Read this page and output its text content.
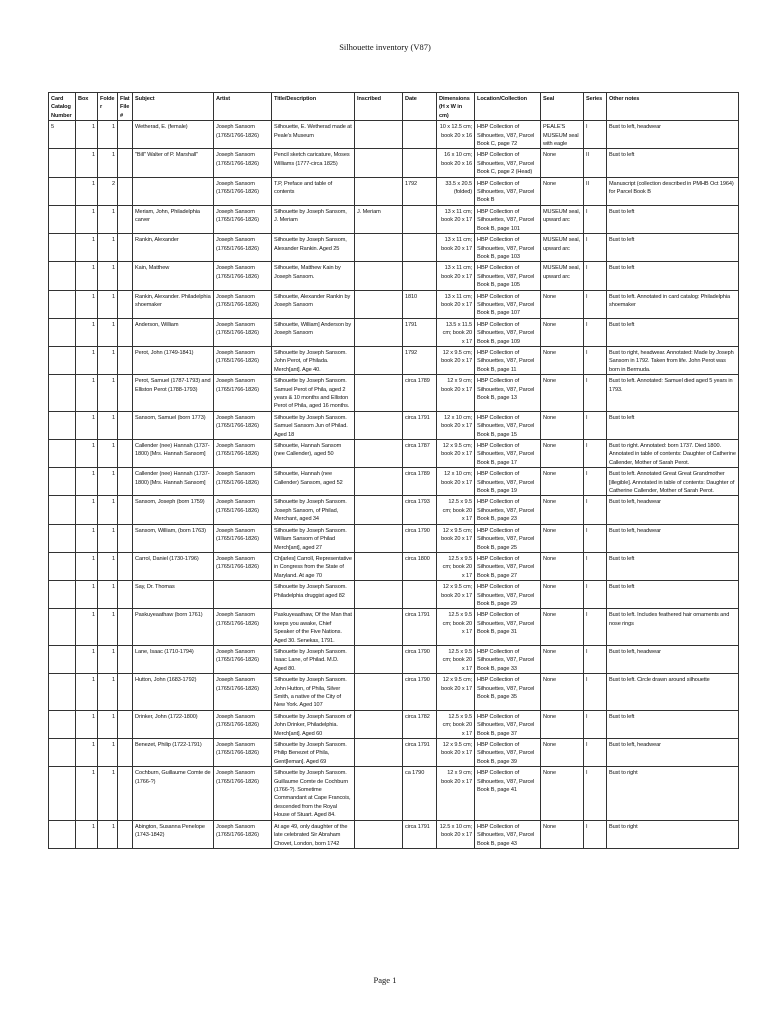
Silhouette inventory (V87)
Card Catalog Number	Box	Folder	Flat File #	Subject	Artist	Title/Description	Inscribed	Date	Dimensions (H x W in cm)	Location/Collection	Seal	Series	Other notes
5	1	1		Wetherad, E. (female)	Joseph Sansom (1765/1766-1826)	Silhouette, E. Wetherad made at Peale's Museum			10 x 12.5 cm; book 20 x 16	HBP Collection of Silhouettes, V87, Parcel Book C, page 72	PEALE'S MUSEUM seal with eagle	I	Bust to left, headwear
	1	1		"Bill" Walter of P. Marshall"	Joseph Sansom (1765/1766-1826)	Pencil sketch caricature, Moses Williams (1777-circa 1825)			16 x 10 cm; book 20 x 16	HBP Collection of Silhouettes, V87, Parcel Book C, page 2 (Head)	None	II	Bust to left
	1	2			Joseph Sansom (1765/1766-1826)	T.P, Preface and table of contents		1792	33.5 x 20.5 (folded)	HBP Collection of Silhouettes, V87, Parcel Book B	None	II	Manuscript (collection described in PMHB Oct 1964) for Parcel Book B
	1	1		Meriam, John, Philadelphia carver	Joseph Sansom (1765/1766-1826)	Silhouette by Joseph Sansom, J. Meriam	J. Meriam		13 x 11 cm; book 20 x 17	HBP Collection of Silhouettes, V87, Parcel Book B, page 101	MUSEUM seal, upward arc	I	Bust to left
	1	1		Rankin, Alexander	Joseph Sansom (1765/1766-1826)	Silhouette by Joseph Sansom, Alexander Rankin. Aged 25			13 x 11 cm; book 20 x 17	HBP Collection of Silhouettes, V87, Parcel Book B, page 103	MUSEUM seal, upward arc	I	Bust to left
	1	1		Kain, Matthew	Joseph Sansom (1765/1766-1826)	Silhouette, Matthew Kain by Joseph Sansom.			13 x 11 cm; book 20 x 17	HBP Collection of Silhouettes, V87, Parcel Book B, page 105	MUSEUM seal, upward arc	I	Bust to left
	1	1		Rankin, Alexander. Philadelphia shoemaker	Joseph Sansom (1765/1766-1826)	Silhouette, Alexander Rankin by Joseph Sansom		1810	13 x 11 cm; book 20 x 17	HBP Collection of Silhouettes, V87, Parcel Book B, page 107	None	I	Bust to left. Annotated in card catalog: Philadelphia shoemaker
	1	1		Anderson, William	Joseph Sansom (1765/1766-1826)	Silhouette, William] Anderson by Joseph Sansom		1791	13.5 x 11.5 cm; book 20 x 17	HBP Collection of Silhouettes, V87, Parcel Book B, page 109	None	I	Bust to left
	1	1		Perot, John (1749-1841)	Joseph Sansom (1765/1766-1826)	Silhouette by Joseph Sansom. John Perot, of Philada. Merch[ant]. Age 40.		1792	12 x 9.5 cm; book 20 x 17	HBP Collection of Silhouettes, V87, Parcel Book B, page 11	None	I	Bust to right, headwear. Annotated: Made by Joseph Sansom in 1792. Taken from life. John Perot was born in Bermuda.
	1	1		Perot, Samuel (1787-1793) and Elliston Perot (1788-1793)	Joseph Sansom (1765/1766-1826)	Silhouette by Joseph Sansom. Samuel Perot of Phila, aged 2 years & 10 months and Elliston Perot of Phila, aged 16 months.		circa 1789	12 x 9 cm; book 20 x 17	HBP Collection of Silhouettes, V87, Parcel Book B, page 13	None	I	Bust to left. Annotated: Samuel died aged 5 years in 1793.
	1	1		Sansom, Samuel (born 1773)	Joseph Sansom (1765/1766-1826)	Silhouette by Joseph Sansom. Samuel Sansom Jun of Philad. Aged 18		circa 1791	12 x 10 cm; book 20 x 17	HBP Collection of Silhouettes, V87, Parcel Book B, page 15	None	I	Bust to left
	1	1		Callender (nee) Hannah (1737-1800) [Mrs. Hannah Sansom]	Joseph Sansom (1765/1766-1826)	Silhouette, Hannah Sansom (nee Callender), aged 50		circa 1787	12 x 9.5 cm; book 20 x 17	HBP Collection of Silhouettes, V87, Parcel Book B, page 17	None	I	Bust to right. Annotated: born 1737. Died 1800. Annotated in table of contents: Daughter of Catherine Callender, Mother of Sarah Perot.
	1	1		Callender (nee) Hannah (1737-1800) [Mrs. Hannah Sansom]	Joseph Sansom (1765/1766-1826)	Silhouette, Hannah (nee Callender) Sansom, aged 52		circa 1789	12 x 10 cm; book 20 x 17	HBP Collection of Silhouettes, V87, Parcel Book B, page 19	None	I	Bust to left. Annotated Great Great Grandmother [illegible]. Annotated in table of contents: Daughter of Catherine Callender, Mother of Sarah Perot.
	1	1		Sansom, Joseph (born 1759)	Joseph Sansom (1765/1766-1826)	Silhouette by Joseph Sansom. Joseph Sansom, of Philad, Merchant, aged 34		circa 1793	12.5 x 9.5 cm; book 20 x 17	HBP Collection of Silhouettes, V87, Parcel Book B, page 23	None	I	Bust to left, headwear
	1	1		Sansom, William, (born 1763)	Joseph Sansom (1765/1766-1826)	Silhouette by Joseph Sansom. William Sansom of Philad Merch[ant], aged 27		circa 1790	12 x 9.5 cm; book 20 x 17	HBP Collection of Silhouettes, V87, Parcel Book B, page 25	None	I	Bust to left, headwear
	1	1		Carrol, Daniel (1730-1796)	Joseph Sansom (1765/1766-1826)	Ch[arles] Carroll, Representative in Congress from the State of Maryland. At age 70		circa 1800	12.5 x 9.5 cm; book 20 x 17	HBP Collection of Silhouettes, V87, Parcel Book B, page 27	None	I	Bust to left
	1	1		Say, Dr. Thomas		Silhouette by Joseph Sansom. Philadelphia druggist aged 82			12 x 9.5 cm; book 20 x 17	HBP Collection of Silhouettes, V87, Parcel Book B, page 29	None	I	Bust to left
	1	1		Paskuyeaathaw (born 1761)	Joseph Sansom (1765/1766-1826)	Paskuyeaathaw, Of the Man that keeps you awake, Chief Speaker of the Five Nations. Aged 30. Senekas, 1791.		circa 1791	12.5 x 9.5 cm; book 20 x 17	HBP Collection of Silhouettes, V87, Parcel Book B, page 31	None	I	Bust to left. Includes feathered hair ornaments and nose rings
	1	1		Lane, Isaac (1710-1794)	Joseph Sansom (1765/1766-1826)	Silhouette by Joseph Sansom. Isaac Lane, of Philad. M.D. Aged 80.		circa 1790	12.5 x 9.5 cm; book 20 x 17	HBP Collection of Silhouettes, V87, Parcel Book B, page 33	None	I	Bust to left, headwear
	1	1		Hutton, John (1683-1792)	Joseph Sansom (1765/1766-1826)	Silhouette by Joseph Sansom. John Hutton, of Phila, Silver Smith, a native of the City of New York. Aged 107		circa 1790	12 x 9.5 cm; book 20 x 17	HBP Collection of Silhouettes, V87, Parcel Book B, page 35	None	I	Bust to left. Circle drawn around silhouette
	1	1		Drinker, John (1722-1800)	Joseph Sansom (1765/1766-1826)	Silhouette by Joseph Sansom of John Drinker, Philadelphia. Merch[ant]. Aged 60		circa 1782	12.5 x 9.5 cm; book 20 x 17	HBP Collection of Silhouettes, V87, Parcel Book B, page 37	None	I	Bust to left
	1	1		Benezet, Philip (1722-1791)	Joseph Sansom (1765/1766-1826)	Silhouette by Joseph Sansom. Philip Benezet of Phila, Gent[leman]. Aged 69		circa 1791	12 x 9.5 cm; book 20 x 17	HBP Collection of Silhouettes, V87, Parcel Book B, page 39	None	I	Bust to left, headwear
	1	1		Cochburn, Guillaume Comte de (1766-?)	Joseph Sansom (1765/1766-1826)	Silhouette by Joseph Sansom. Guillaume Comte de Cochburn (1766-?). Sometime Commandant at Cape Francois, descended from the Royal House of Stuart. Aged 84.		ca 1790	12 x 9 cm; book 20 x 17	HBP Collection of Silhouettes, V87, Parcel Book B, page 41	None	I	Bust to right
	1	1		Abington, Susanna Penelope (1743-1842)	Joseph Sansom (1765/1766-1826)	At age 49, only daughter of the late celebrated Sir Abraham Chovet, London, born 1742		circa 1791	12.5 x 10 cm; book 20 x 17	HBP Collection of Silhouettes, V87, Parcel Book B, page 43	None	I	Bust to right
Page 1
